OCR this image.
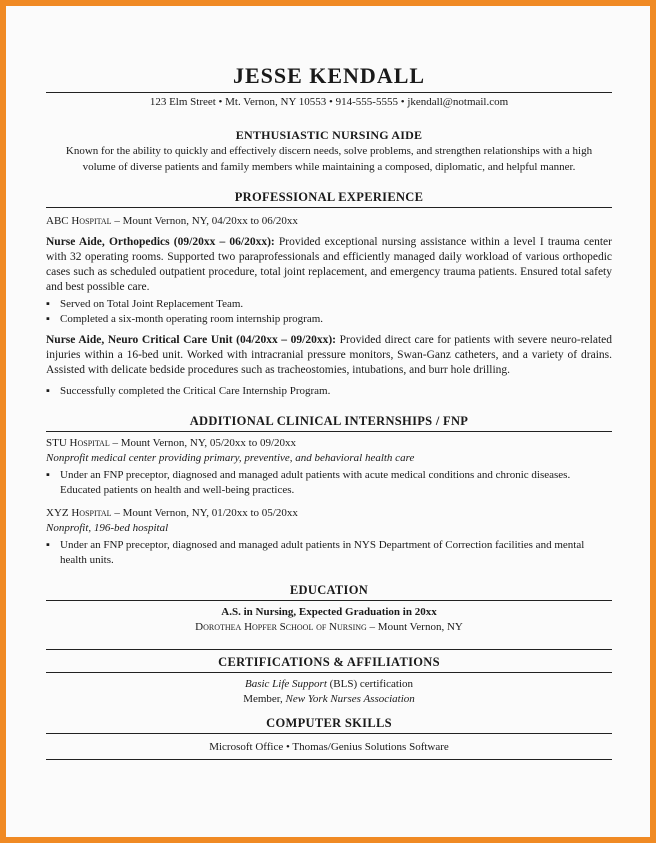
JESSE KENDALL
123 Elm Street • Mt. Vernon, NY 10553 • 914-555-5555 • jkendall@notmail.com
ENTHUSIASTIC NURSING AIDE
Known for the ability to quickly and effectively discern needs, solve problems, and strengthen relationships with a high volume of diverse patients and family members while maintaining a composed, diplomatic, and helpful manner.
PROFESSIONAL EXPERIENCE
ABC Hospital – Mount Vernon, NY, 04/20xx to 06/20xx
Nurse Aide, Orthopedics (09/20xx – 06/20xx): Provided exceptional nursing assistance within a level I trauma center with 32 operating rooms. Supported two paraprofessionals and efficiently managed daily workload of various orthopedic cases such as scheduled outpatient procedure, total joint replacement, and emergency trauma patients. Ensured total safety and best possible care.
▪ Served on Total Joint Replacement Team.
▪ Completed a six-month operating room internship program.
Nurse Aide, Neuro Critical Care Unit (04/20xx – 09/20xx): Provided direct care for patients with severe neuro-related injuries within a 16-bed unit. Worked with intracranial pressure monitors, Swan-Ganz catheters, and a variety of drains. Assisted with delicate bedside procedures such as tracheostomies, intubations, and burr hole drilling.
▪ Successfully completed the Critical Care Internship Program.
ADDITIONAL CLINICAL INTERNSHIPS / FNP
STU Hospital – Mount Vernon, NY, 05/20xx to 09/20xx
Nonprofit medical center providing primary, preventive, and behavioral health care
▪ Under an FNP preceptor, diagnosed and managed adult patients with acute medical conditions and chronic diseases. Educated patients on health and well-being practices.
XYZ Hospital – Mount Vernon, NY, 01/20xx to 05/20xx
Nonprofit, 196-bed hospital
▪ Under an FNP preceptor, diagnosed and managed adult patients in NYS Department of Correction facilities and mental health units.
EDUCATION
A.S. in Nursing, Expected Graduation in 20xx
Dorothea Hopfer School of Nursing – Mount Vernon, NY
CERTIFICATIONS & AFFILIATIONS
Basic Life Support (BLS) certification
Member, New York Nurses Association
COMPUTER SKILLS
Microsoft Office • Thomas/Genius Solutions Software
